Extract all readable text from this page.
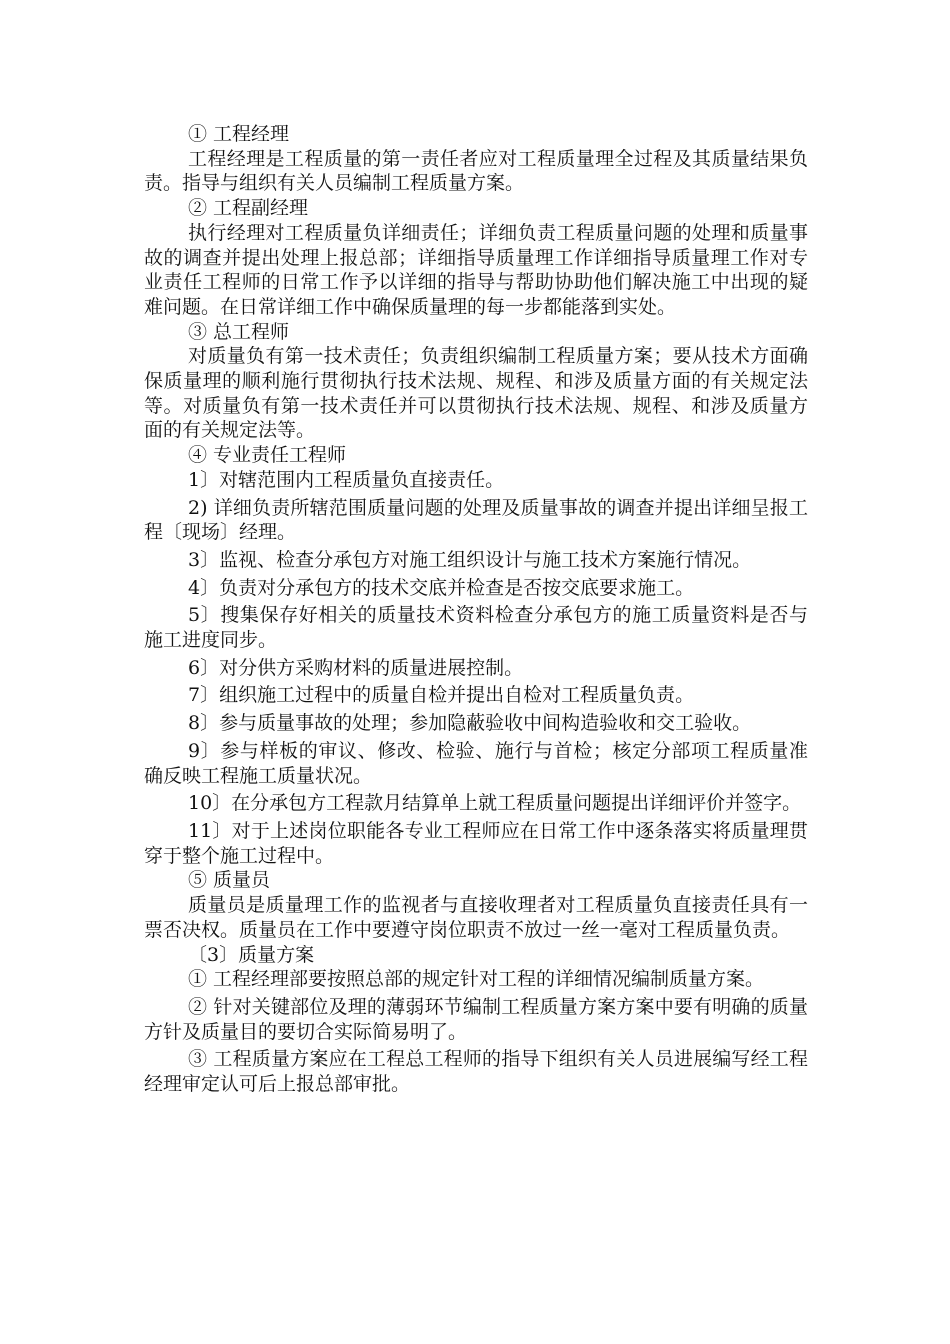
① 工程经理

工程经理是工程质量的第一责任者应对工程质量理全过程及其质量结果负责。指导与组织有关人员编制工程质量方案。

② 工程副经理

执行经理对工程质量负详细责任；详细负责工程质量问题的处理和质量事故的调查并提出处理上报总部；详细指导质量理工作详细指导质量理工作对专业责任工程师的日常工作予以详细的指导与帮助协助他们解决施工中出现的疑难问题。在日常详细工作中确保质量理的每一步都能落到实处。

③ 总工程师

对质量负有第一技术责任；负责组织编制工程质量方案；要从技术方面确保质量理的顺利施行贯彻执行技术法规、规程、和涉及质量方面的有关规定法等。对质量负有第一技术责任并可以贯彻执行技术法规、规程、和涉及质量方面的有关规定法等。

④ 专业责任工程师

1〕对辖范围内工程质量负直接责任。

2) 详细负责所辖范围质量问题的处理及质量事故的调查并提出详细呈报工程〔现场〕经理。

3〕监视、检查分承包方对施工组织设计与施工技术方案施行情况。

4〕负责对分承包方的技术交底并检查是否按交底要求施工。

5〕搜集保存好相关的质量技术资料检查分承包方的施工质量资料是否与施工进度同步。

6〕对分供方采购材料的质量进展控制。

7〕组织施工过程中的质量自检并提出自检对工程质量负责。

8〕参与质量事故的处理；参加隐蔽验收中间构造验收和交工验收。

9〕参与样板的审议、修改、检验、施行与首检；核定分部项工程质量准确反映工程施工质量状况。

10〕在分承包方工程款月结算单上就工程质量问题提出详细评价并签字。

11〕对于上述岗位职能各专业工程师应在日常工作中逐条落实将质量理贯穿于整个施工过程中。

⑤ 质量员

质量员是质量理工作的监视者与直接收理者对工程质量负直接责任具有一票否决权。质量员在工作中要遵守岗位职责不放过一丝一毫对工程质量负责。

〔3〕质量方案

① 工程经理部要按照总部的规定针对工程的详细情况编制质量方案。

② 针对关键部位及理的薄弱环节编制工程质量方案方案中要有明确的质量方针及质量目的要切合实际简易明了。

③ 工程质量方案应在工程总工程师的指导下组织有关人员进展编写经工程经理审定认可后上报总部审批。
